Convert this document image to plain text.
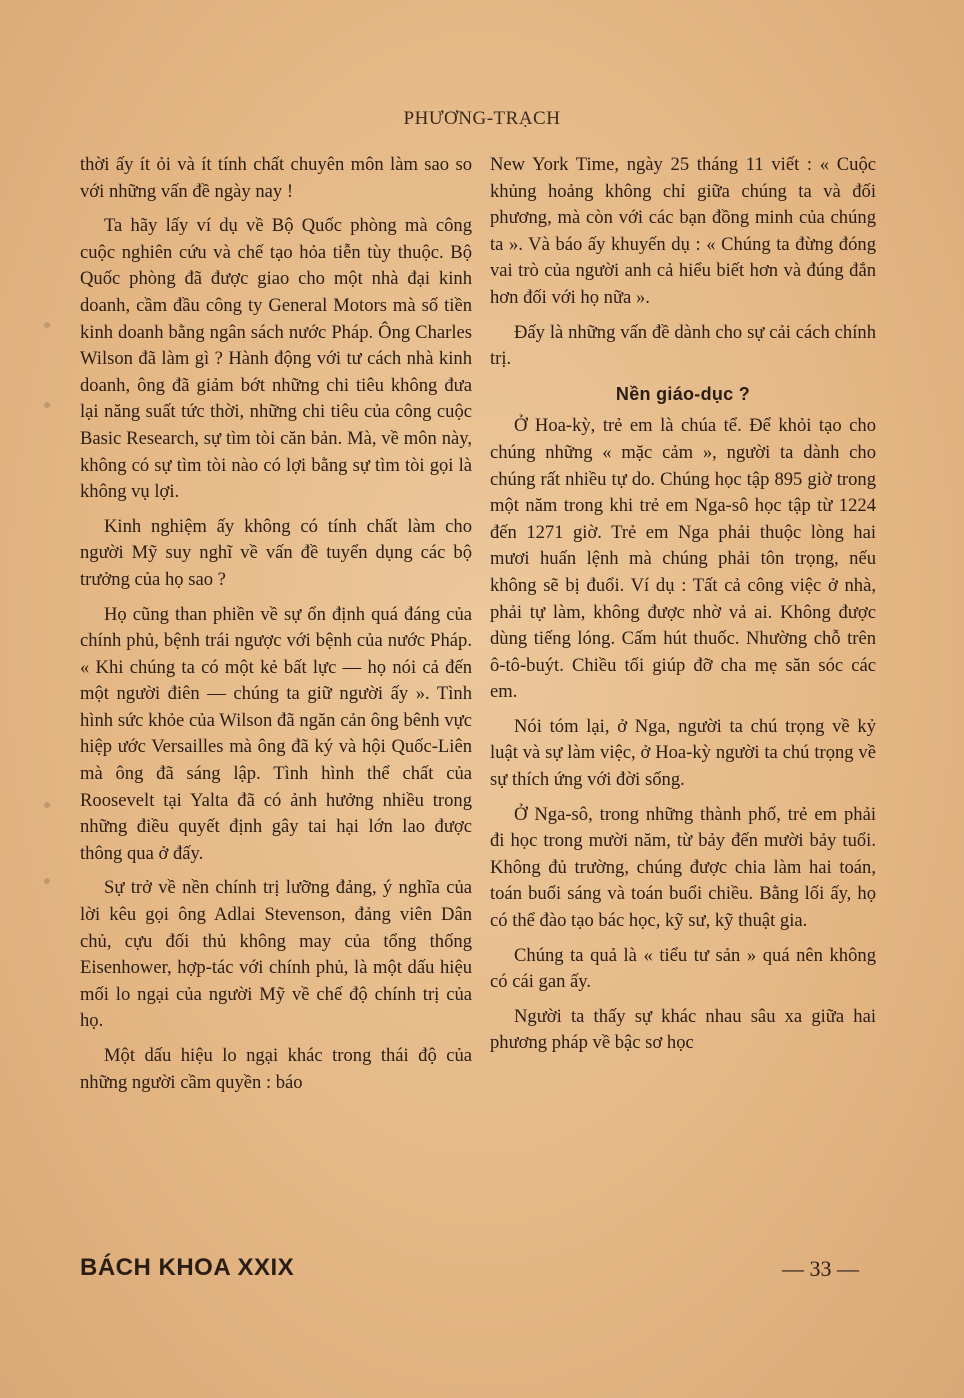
PHƯƠNG-TRẠCH

thời ấy ít ỏi và ít tính chất chuyên môn làm sao so với những vấn đề ngày nay !

Ta hãy lấy ví dụ về Bộ Quốc phòng mà công cuộc nghiên cứu và chế tạo hỏa tiễn tùy thuộc. Bộ Quốc phòng đã được giao cho một nhà đại kinh doanh, cầm đầu công ty General Motors mà số tiền kinh doanh bằng ngân sách nước Pháp. Ông Charles Wilson đã làm gì ? Hành động với tư cách nhà kinh doanh, ông đã giảm bớt những chi tiêu không đưa lại năng suất tức thời, những chi tiêu của công cuộc Basic Research, sự tìm tòi căn bản. Mà, về môn này, không có sự tìm tòi nào có lợi bằng sự tìm tòi gọi là không vụ lợi.

Kinh nghiệm ấy không có tính chất làm cho người Mỹ suy nghĩ về vấn đề tuyển dụng các bộ trưởng của họ sao ?

Họ cũng than phiền về sự ổn định quá đáng của chính phủ, bệnh trái ngược với bệnh của nước Pháp. « Khi chúng ta có một kẻ bất lực — họ nói cả đến một người điên — chúng ta giữ người ấy ». Tình hình sức khỏe của Wilson đã ngăn cản ông bênh vực hiệp ước Versailles mà ông đã ký và hội Quốc-Liên mà ông đã sáng lập. Tình hình thể chất của Roosevelt tại Yalta đã có ảnh hưởng nhiều trong những điều quyết định gây tai hại lớn lao được thông qua ở đấy.

Sự trở về nền chính trị lưỡng đảng, ý nghĩa của lời kêu gọi ông Adlai Stevenson, đảng viên Dân chủ, cựu đối thủ không may của tổng thống Eisenhower, hợp-tác với chính phủ, là một dấu hiệu mối lo ngại của người Mỹ về chế độ chính trị của họ.

Một dấu hiệu lo ngại khác trong thái độ của những người cầm quyền : báo

New York Time, ngày 25 tháng 11 viết : « Cuộc khủng hoảng không chỉ giữa chúng ta và đối phương, mà còn với các bạn đồng minh của chúng ta ». Và báo ấy khuyến dụ : « Chúng ta đừng đóng vai trò của người anh cả hiểu biết hơn và đúng đắn hơn đối với họ nữa ».

Đấy là những vấn đề dành cho sự cải cách chính trị.

Nền giáo-dục ?

Ở Hoa-kỳ, trẻ em là chúa tể. Để khỏi tạo cho chúng những « mặc cảm », người ta dành cho chúng rất nhiều tự do. Chúng học tập 895 giờ trong một năm trong khi trẻ em Nga-sô học tập từ 1224 đến 1271 giờ. Trẻ em Nga phải thuộc lòng hai mươi huấn lệnh mà chúng phải tôn trọng, nếu không sẽ bị đuổi. Ví dụ : Tất cả công việc ở nhà, phải tự làm, không được nhờ vả ai. Không được dùng tiếng lóng. Cấm hút thuốc. Nhường chỗ trên ô-tô-buýt. Chiều tối giúp đỡ cha mẹ săn sóc các em.

Nói tóm lại, ở Nga, người ta chú trọng về kỷ luật và sự làm việc, ở Hoa-kỳ người ta chú trọng về sự thích ứng với đời sống.

Ở Nga-sô, trong những thành phố, trẻ em phải đi học trong mười năm, từ bảy đến mười bảy tuổi. Không đủ trường, chúng được chia làm hai toán, toán buổi sáng và toán buổi chiều. Bằng lối ấy, họ có thể đào tạo bác học, kỹ sư, kỹ thuật gia.

Chúng ta quả là « tiểu tư sản » quá nên không có cái gan ấy.

Người ta thấy sự khác nhau sâu xa giữa hai phương pháp về bậc sơ học

BÁCH KHOA XXIX	— 33 —
